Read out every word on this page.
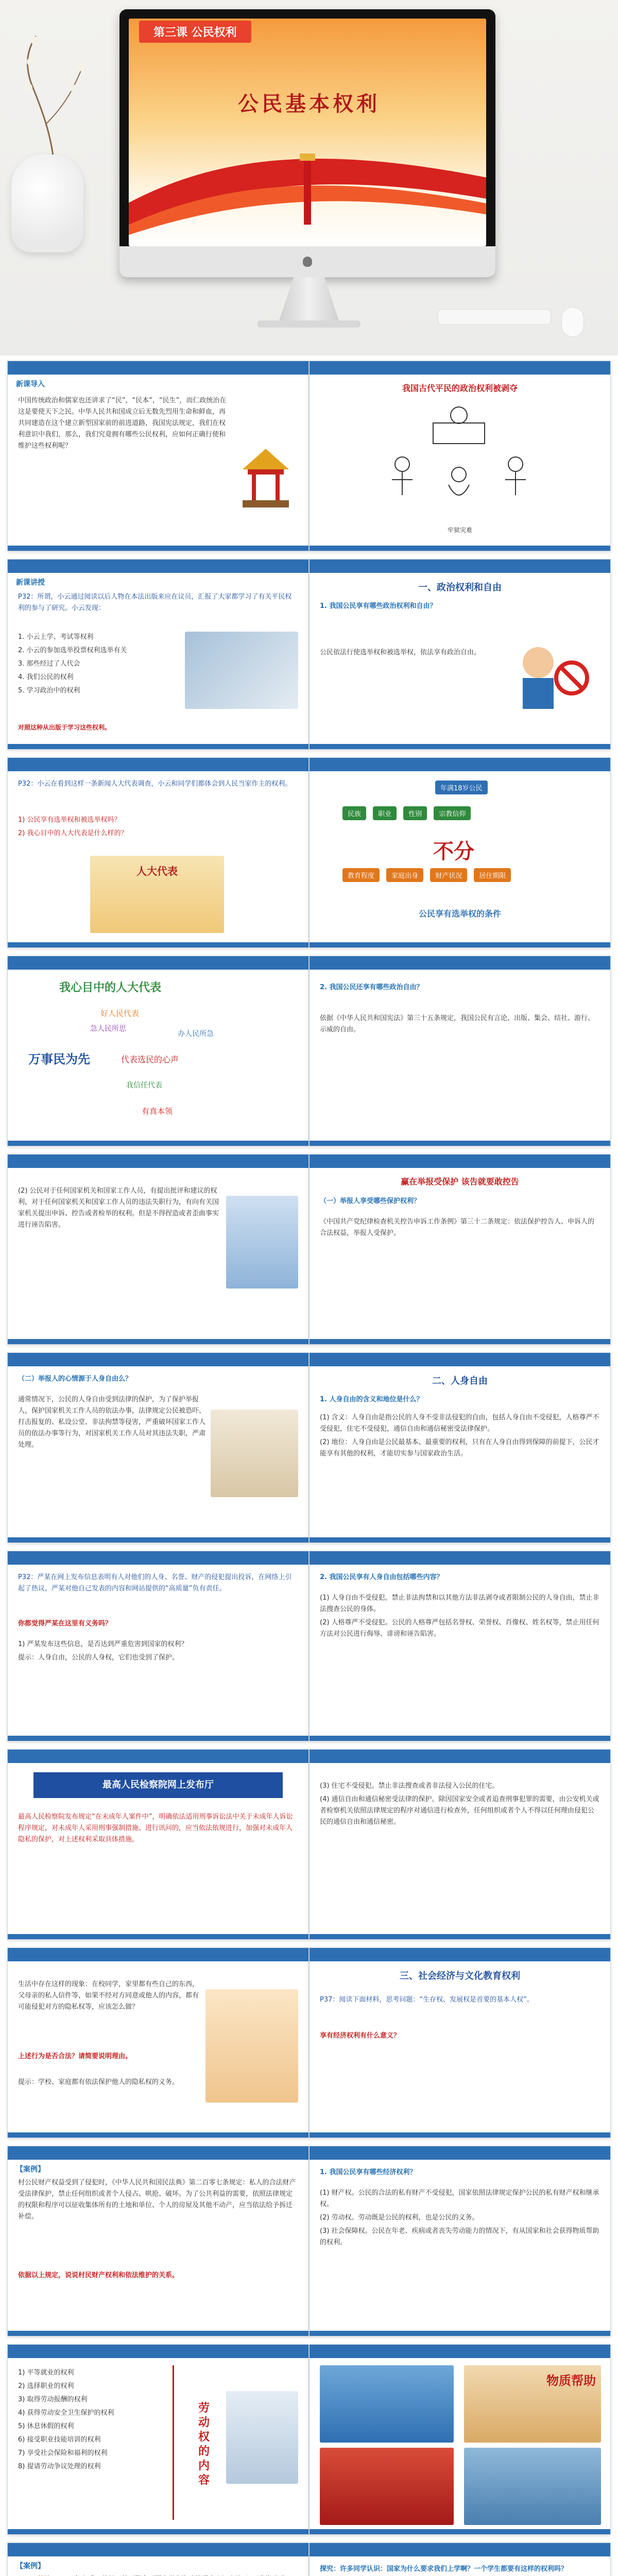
第三课 公民权利
公民基本权利
新课导入
中国传统政治和儒家也还讲求了“民”，“民本”，“民生”，而仁政统治在这是要使天下之民。中华人民共和国成立后无数先烈用生命和鲜血，再共同建造在这个建立新型国家前的前进道路，我国宪法规定，我们在权利意识中我们，那么，我们究竟拥有哪些公民权利，应如何正确行使和维护这些权利呢？
我国古代平民的政治权利被剥夺
牢狱灾难
新课讲授
P32：所谓，小云通过阅读以后人物在本法出版来应在议员，汇报了大家都学习了有关平民权利的参与了研究。小云发现：

1. 小云上学、考试等权利

2. 小云的参加选举投票权利选举有关

3. 那些经过了人代会

4. 我们公民的权利

5. 学习政治中的权利

对照这种从出版于学习这些权利。
一、政治权利和自由
1. 我国公民享有哪些政治权利和自由？
公民依法行使选举权和被选举权，依法享有政治自由。
P32：小云在看到这样一条新闻人大代表调查，小云和同学们都体会到人民当家作主的权利。

1) 公民享有选举权和被选举权吗？

2) 我心目中的人大代表是什么样的？

人大代表
年满18岁公民
民族	职业	性别	宗教信仰
不分
教育程度	家庭出身	财产状况	居住期限
公民享有选举权的条件
我心目中的人大代表
好人民代表
急人民所思
办人民所急
万事民为先	代表选民的心声
我信任代表
有真本领
2. 我国公民还享有哪些政治自由？
依据《中华人民共和国宪法》第三十五条规定，我国公民有言论、出版、集会、结社、游行、示威的自由。
(2) 公民对于任何国家机关和国家工作人员，有提出批评和建议的权利，对于任何国家机关和国家工作人员的违法失职行为，有向有关国家机关提出申诉、控告或者检举的权利。但是不得捏造或者歪曲事实进行诬告陷害。
赢在举报受保护 该告就要敢控告
（一）举报人享受哪些保护权利？
《中国共产党纪律检查机关控告申诉工作条例》第三十二条规定：依法保护控告人、申诉人的合法权益，举报人受保护。
（二）举报人的心情源于人身自由么？
通常情况下，公民的人身自由受到法律的保护，为了保护举报人，保护国家机关工作人员的依法办事，法律规定公民被恐吓、打击报复的、私设公堂、非法拘禁等侵害，严重破坏国家工作人员的依法办事等行为，对国家机关工作人员对其违法失职，严肃处理。
二、人身自由
1. 人身自由的含义和地位是什么？

(1) 含义：人身自由是指公民的人身不受非法侵犯的自由，包括人身自由不受侵犯，人格尊严不受侵犯，住宅不受侵犯，通信自由和通信秘密受法律保护。

(2) 地位：人身自由是公民最基本、最重要的权利，只有在人身自由得到保障的前提下，公民才能享有其他的权利，才能切实参与国家政治生活。

P32：严某在网上发布信息表明有人对他们的人身、名誉、财产的侵犯提出投诉，在网络上引起了热议，严某对他自己发表的内容和网站提供的“高质量”负有责任。
你都觉得严某在这里有义务吗？

1) 严某发布这些信息，是否达到严重危害到国家的权利？

提示：人身自由，公民的人身权，它们也受到了保护。

2. 我国公民享有人身自由包括哪些内容？

(1) 人身自由不受侵犯。禁止非法拘禁和以其他方法非法剥夺或者限制公民的人身自由，禁止非法搜查公民的身体。

(2) 人格尊严不受侵犯。公民的人格尊严包括名誉权、荣誉权、肖像权、姓名权等，禁止用任何方法对公民进行侮辱、诽谤和诬告陷害。

最高人民检察院网上发布厅
最高人民检察院发布规定“在未成年人案件中”，明确依法适用刑事诉讼法中关于未成年人诉讼程序规定，对未成年人采用刑事强制措施、进行讯问的，应当依法依规进行，加强对未成年人隐私的保护，对上述权利采取具体措施。

(3) 住宅不受侵犯。禁止非法搜查或者非法侵入公民的住宅。

(4) 通信自由和通信秘密受法律的保护。除因国家安全或者追查刑事犯罪的需要，由公安机关或者检察机关依照法律规定的程序对通信进行检查外，任何组织或者个人不得以任何理由侵犯公民的通信自由和通信秘密。

生活中存在这样的现象：在校同学，家里都有些自己的东西，父母亲的私人信件等，如果不经对方同意或他人的内容，都有可能侵犯对方的隐私权等，应该怎么做？
上述行为是否合法？请简要说明理由。
提示：学校、家庭都有依法保护他人的隐私权的义务。
三、社会经济与文化教育权利
P37：阅读下面材料，思考问题：“生存权、发展权是首要的基本人权”。
享有经济权利有什么意义？
【案例】
村公民财产权益受到了侵犯时，《中华人民共和国民法典》第二百零七条规定：私人的合法财产受法律保护，禁止任何组织或者个人侵占、哄抢、破坏。为了公共利益的需要，依照法律规定的权限和程序可以征收集体所有的土地和单位、个人的房屋及其他不动产，应当依法给予拆迁补偿。
依据以上规定，说说村民财产权利和依法维护的关系。
1. 我国公民享有哪些经济权利？

(1) 财产权。公民的合法的私有财产不受侵犯，国家依照法律规定保护公民的私有财产权和继承权。

(2) 劳动权。劳动既是公民的权利，也是公民的义务。

(3) 社会保障权。公民在年老、疾病或者丧失劳动能力的情况下，有从国家和社会获得物质帮助的权利。

1) 平等就业的权利

2) 选择职业的权利

3) 取得劳动报酬的权利

4) 获得劳动安全卫生保护的权利

5) 休息休假的权利

6) 接受职业技能培训的权利

7) 享受社会保险和福利的权利

8) 提请劳动争议处理的权利

劳动权的内容
物质帮助
【案例】	探究：许多同学认识：国家为什么要求我们上学啊？一个学生都要有这样的权利吗？
